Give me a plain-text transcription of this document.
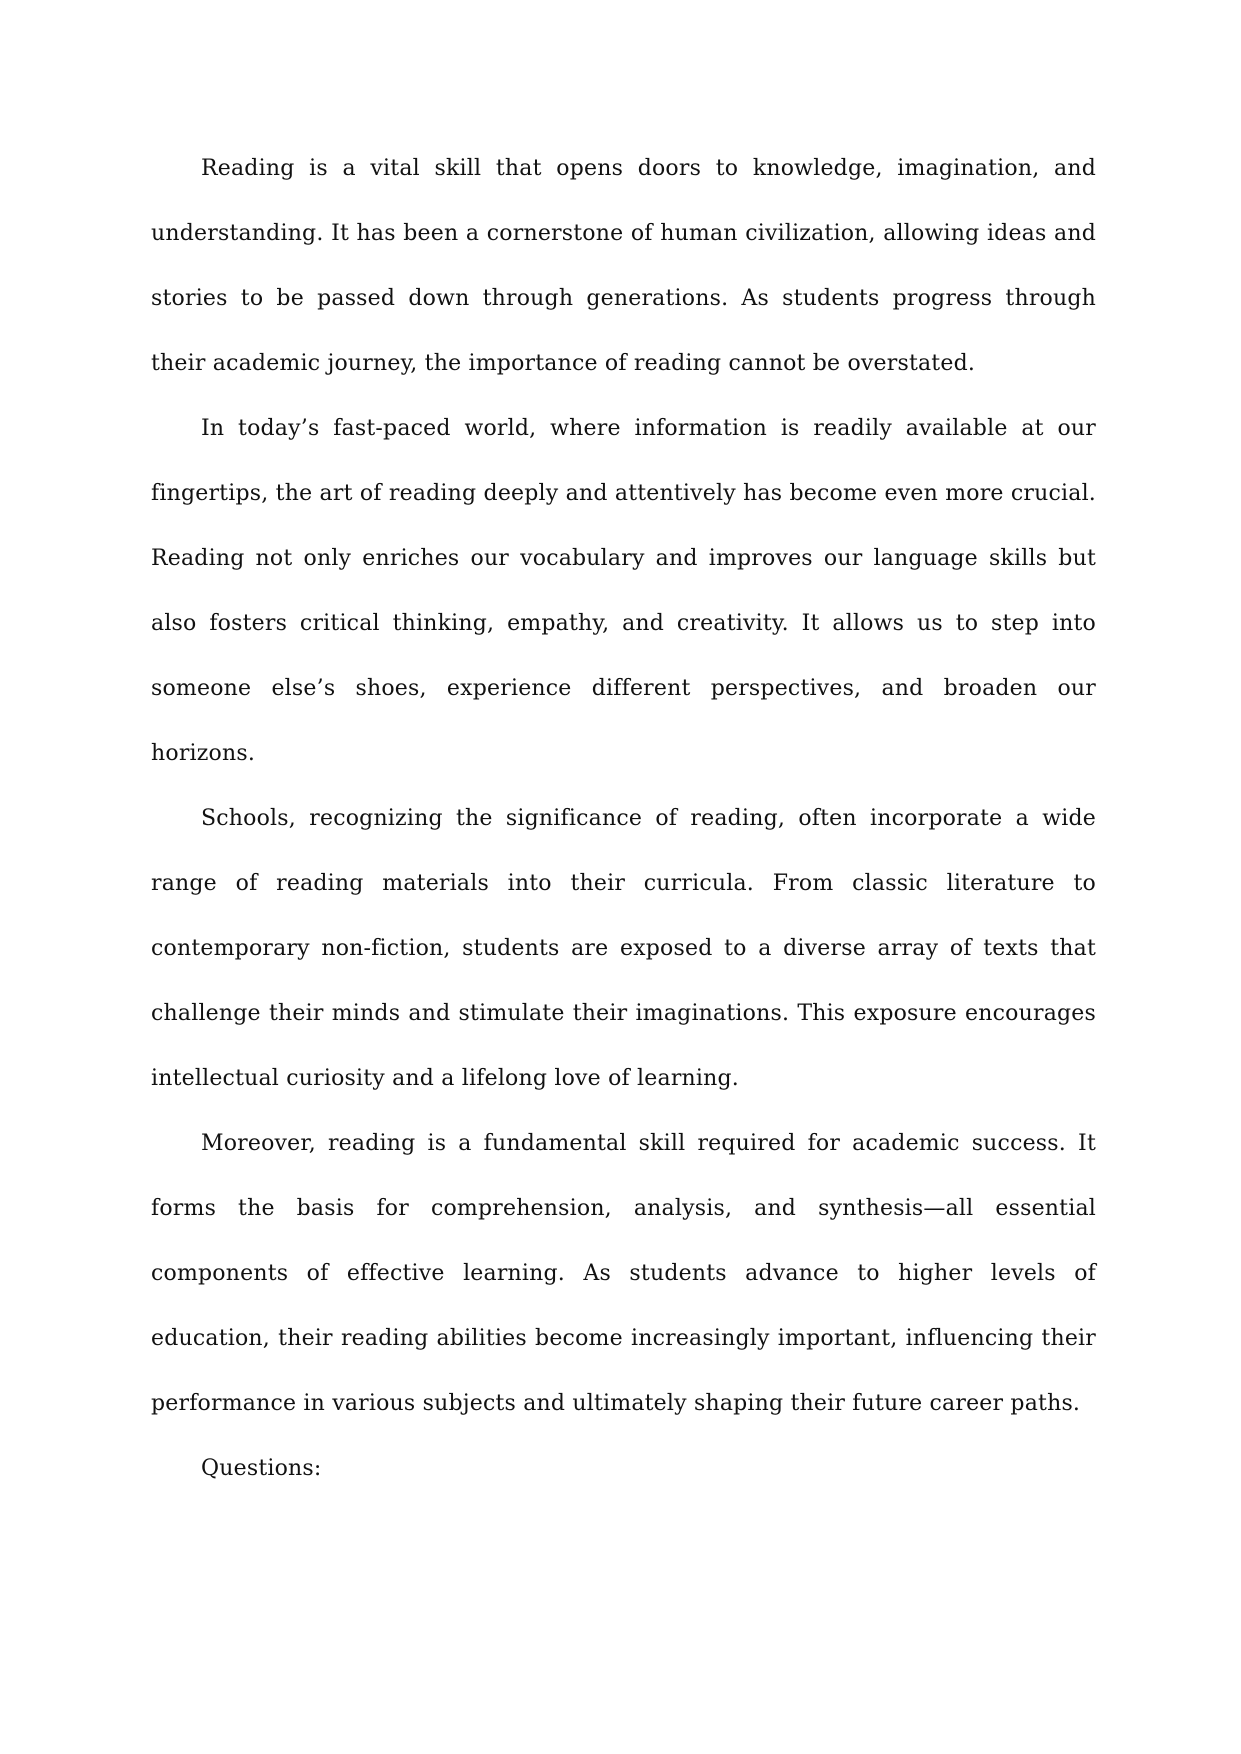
Reading is a vital skill that opens doors to knowledge, imagination, and understanding. It has been a cornerstone of human civilization, allowing ideas and stories to be passed down through generations. As students progress through their academic journey, the importance of reading cannot be overstated.

In today’s fast-paced world, where information is readily available at our fingertips, the art of reading deeply and attentively has become even more crucial. Reading not only enriches our vocabulary and improves our language skills but also fosters critical thinking, empathy, and creativity. It allows us to step into someone else’s shoes, experience different perspectives, and broaden our horizons.

Schools, recognizing the significance of reading, often incorporate a wide range of reading materials into their curricula. From classic literature to contemporary non-fiction, students are exposed to a diverse array of texts that challenge their minds and stimulate their imaginations. This exposure encourages intellectual curiosity and a lifelong love of learning.

Moreover, reading is a fundamental skill required for academic success. It forms the basis for comprehension, analysis, and synthesis—all essential components of effective learning. As students advance to higher levels of education, their reading abilities become increasingly important, influencing their performance in various subjects and ultimately shaping their future career paths.

Questions:
